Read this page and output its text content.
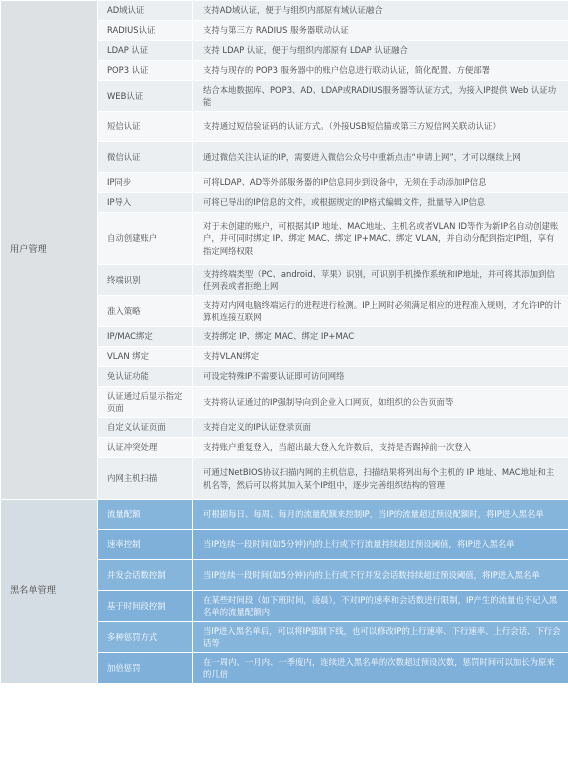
用户管理	AD域认证	支持AD域认证，便于与组织内部原有域认证融合
	RADIUS认证	支持与第三方 RADIUS 服务器联动认证
	LDAP 认证	支持 LDAP 认证，便于与组织内部原有 LDAP 认证融合
	POP3 认证	支持与现存的 POP3 服务器中的账户信息进行联动认证，简化配置、方便部署
	WEB认证	结合本地数据库、POP3、AD、LDAP或RADIUS服务器等认证方式，为接入IP提供 Web 认证功能
	短信认证	支持通过短信验证码的认证方式。（外接USB短信猫或第三方短信网关联动认证）
	微信认证	通过微信关注认证的IP，需要进入微信公众号中重新点击“申请上网”，才可以继续上网
	IP同步	可将LDAP、AD等外部服务器的IP信息同步到设备中，无须在手动添加IP信息
	IP导入	可将已导出的IP信息的文件，或根据规定的IP格式编辑文件，批量导入IP信息
	自动创建账户	对于未创建的账户，可根据其IP 地址、MAC地址、主机名或者VLAN ID等作为新IP名自动创建账户，并可同时绑定 IP、绑定 MAC、绑定 IP+MAC、绑定 VLAN，并自动分配到指定IP组，享有指定网络权限
	终端识别	支持终端类型（PC、android、苹果）识别，可识别手机操作系统和IP地址，并可将其添加到信任列表或者拒绝上网
	准入策略	支持对内网电脑终端运行的进程进行检测。IP上网时必须满足相应的进程准入规则，才允许IP的计算机连接互联网
	IP/MAC绑定	支持绑定 IP、绑定 MAC、绑定 IP+MAC
	VLAN 绑定	支持VLAN绑定
	免认证功能	可设定特殊IP不需要认证即可访问网络
	认证通过后显示指定页面	支持将认证通过的IP强制导向到企业入口网页，如组织的公告页面等
	自定义认证页面	支持自定义的IP认证登录页面
	认证冲突处理	支持账户重复登入，当超出最大登入允许数后，支持是否踢掉前一次登入
	内网主机扫描	可通过NetBIOS协议扫描内网的主机信息，扫描结果将列出每个主机的 IP 地址、MAC地址和主机名等，然后可以将其加入某个IP组中，逐步完善组织结构的管理
黑名单管理	流量配额	可根据每日、每周、每月的流量配额来控制IP，当IP的流量超过预设配额时，将IP进入黑名单
	速率控制	当IP连续一段时间(如5分钟)内的上行或下行流量持续超过预设阈值，将IP进入黑名单
	并发会话数控制	当IP连续一段时间(如5分钟)内的上行或下行并发会话数持续超过预设阈值，将IP进入黑名单
	基于时间段控制	在某些时间段（如下班时间，凌晨），不对IP的速率和会话数进行限制，IP产生的流量也不记入黑名单的流量配额内
	多种惩罚方式	当IP进入黑名单后，可以将IP强制下线，也可以修改IP的上行速率、下行速率、上行会话、下行会话等
	加倍惩罚	在一周内、一月内、一季度内，连续进入黑名单的次数超过预设次数，惩罚时间可以加长为原来的几倍
